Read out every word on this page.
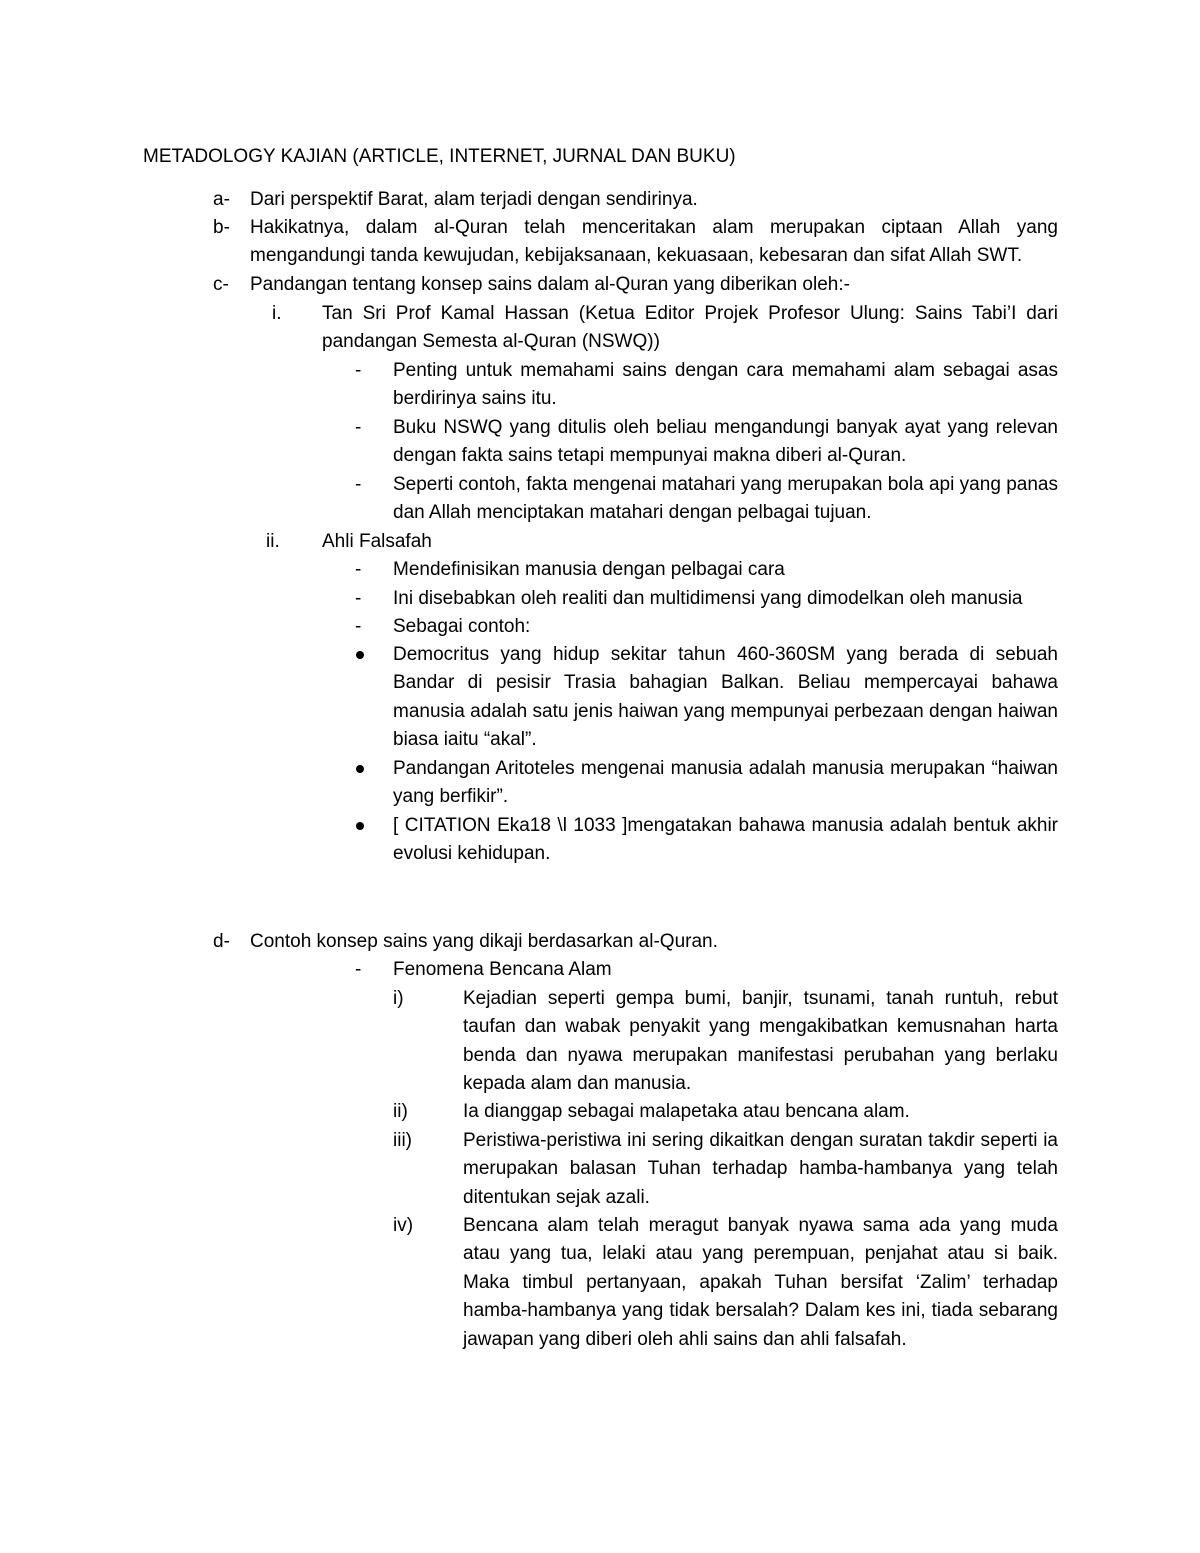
METADOLOGY KAJIAN (ARTICLE, INTERNET, JURNAL DAN BUKU)
a- Dari perspektif Barat, alam terjadi dengan sendirinya.
b- Hakikatnya, dalam al-Quran telah menceritakan alam merupakan ciptaan Allah yang mengandungi tanda kewujudan, kebijaksanaan, kekuasaan, kebesaran dan sifat Allah SWT.
c- Pandangan tentang konsep sains dalam al-Quran yang diberikan oleh:-
i. Tan Sri Prof Kamal Hassan (Ketua Editor Projek Profesor Ulung: Sains Tabi’I dari pandangan Semesta al-Quran (NSWQ))
- Penting untuk memahami sains dengan cara memahami alam sebagai asas berdirinya sains itu.
- Buku NSWQ yang ditulis oleh beliau mengandungi banyak ayat yang relevan dengan fakta sains tetapi mempunyai makna diberi al-Quran.
- Seperti contoh, fakta mengenai matahari yang merupakan bola api yang panas dan Allah menciptakan matahari dengan pelbagai tujuan.
ii. Ahli Falsafah
- Mendefinisikan manusia dengan pelbagai cara
- Ini disebabkan oleh realiti dan multidimensi yang dimodelkan oleh manusia
- Sebagai contoh:
Democritus yang hidup sekitar tahun 460-360SM yang berada di sebuah Bandar di pesisir Trasia bahagian Balkan. Beliau mempercayai bahawa manusia adalah satu jenis haiwan yang mempunyai perbezaan dengan haiwan biasa iaitu “akal”.
Pandangan Aritoteles mengenai manusia adalah manusia merupakan “haiwan yang berfikir”.
[ CITATION Eka18 \l 1033 ]mengatakan bahawa manusia adalah bentuk akhir evolusi kehidupan.
d- Contoh konsep sains yang dikaji berdasarkan al-Quran.
- Fenomena Bencana Alam
i)	Kejadian seperti gempa bumi, banjir, tsunami, tanah runtuh, rebut taufan dan wabak penyakit yang mengakibatkan kemusnahan harta benda dan nyawa merupakan manifestasi perubahan yang berlaku kepada alam dan manusia.
ii)	Ia dianggap sebagai malapetaka atau bencana alam.
iii)	Peristiwa-peristiwa ini sering dikaitkan dengan suratan takdir seperti ia merupakan balasan Tuhan terhadap hamba-hambanya yang telah ditentukan sejak azali.
iv)	Bencana alam telah meragut banyak nyawa sama ada yang muda atau yang tua, lelaki atau yang perempuan, penjahat atau si baik. Maka timbul pertanyaan, apakah Tuhan bersifat ‘Zalim’ terhadap hamba-hambanya yang tidak bersalah? Dalam kes ini, tiada sebarang jawapan yang diberi oleh ahli sains dan ahli falsafah.
